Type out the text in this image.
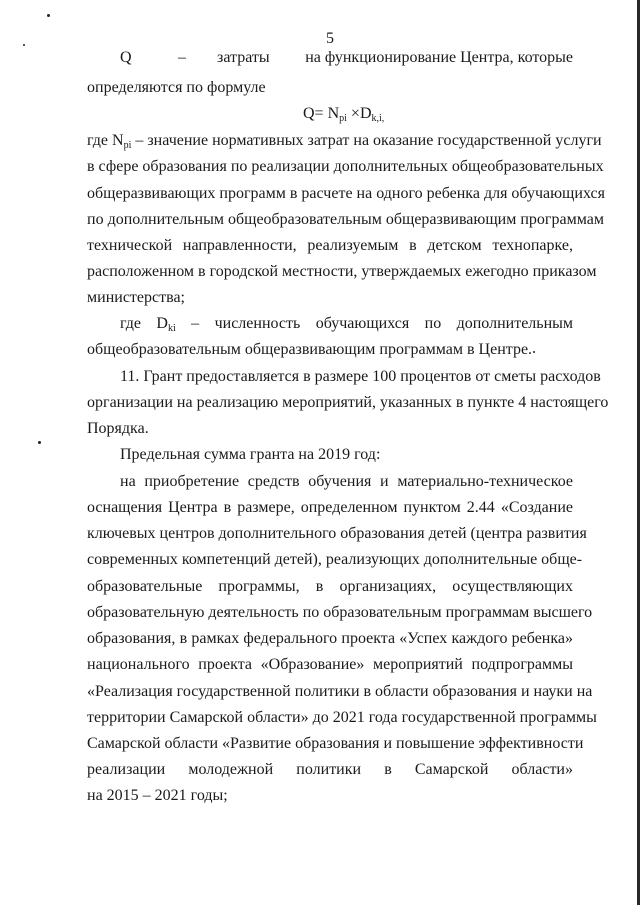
5
Q	– затраты на функционирование Центра, которые
определяются по формуле
$Q= N_{pi} \times D_{k,i,}$
где $N_{pi}$ – значение нормативных затрат на оказание государственной услуги
в сфере образования по реализации дополнительных общеобразовательных
общеразвивающих программ в расчете на одного ребенка для обучающихся
по дополнительным общеобразовательным общеразвивающим программам
технической направленности, реализуемым в детском технопарке,
расположенном в городской местности, утверждаемых ежегодно приказом
министерства;
где $D_{ki}$ – численность обучающихся по дополнительным
общеобразовательным общеразвивающим программам в Центре.
11. Грант предоставляется в размере 100 процентов от сметы расходов
организации на реализацию мероприятий, указанных в пункте 4 настоящего
Порядка.
Предельная сумма гранта на 2019 год:
на приобретение средств обучения и материально-техническое
оснащения Центра в размере, определенном пунктом 2.44 «Создание
ключевых центров дополнительного образования детей (центра развития
современных компетенций детей), реализующих дополнительные обще-
образовательные программы, в организациях, осуществляющих
образовательную деятельность по образовательным программам высшего
образования, в рамках федерального проекта «Успех каждого ребенка»
национального проекта «Образование» мероприятий подпрограммы
«Реализация государственной политики в области образования и науки на
территории Самарской области» до 2021 года государственной программы
Самарской области «Развитие образования и повышение эффективности
реализации молодежной политики в Самарской области»
на 2015 – 2021 годы;
